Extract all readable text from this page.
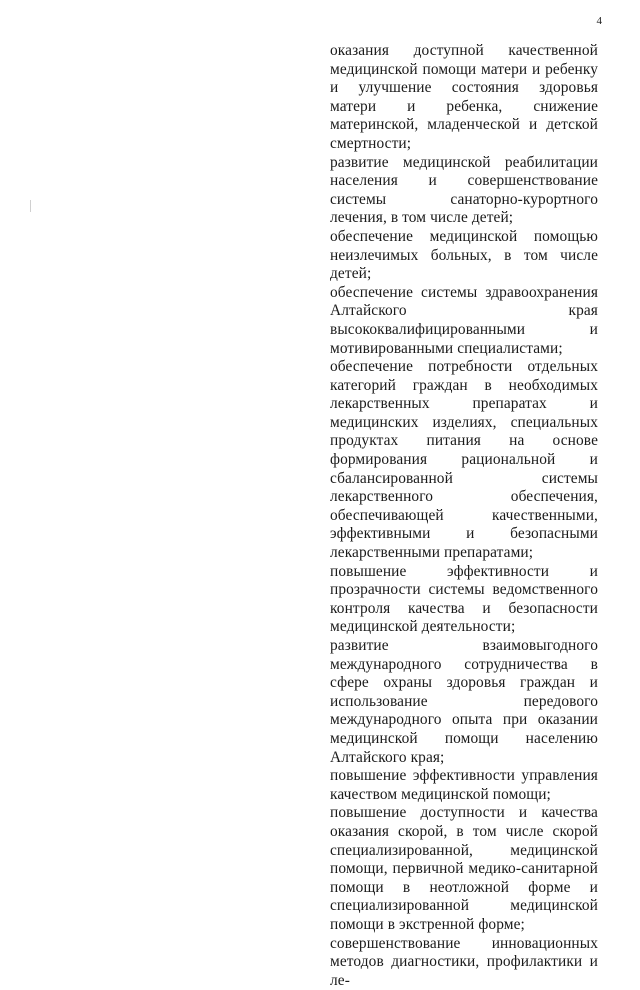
4

оказания доступной качественной медицинской помощи матери и ребенку и улучшение состояния здоровья матери и ребенка, снижение материнской, младенческой и детской смертности;

развитие медицинской реабилитации населения и совершенствование системы санаторно-курортного лечения, в том числе детей;

обеспечение медицинской помощью неизлечимых больных, в том числе детей;

обеспечение системы здравоохранения Алтайского края высококвалифицированными и мотивированными специалистами;

обеспечение потребности отдельных категорий граждан в необходимых лекарственных препаратах и медицинских изделиях, специальных продуктах питания на основе формирования рациональной и сбалансированной системы лекарственного обеспечения, обеспечивающей качественными, эффективными и безопасными лекарственными препаратами;

повышение эффективности и прозрачности системы ведомственного контроля качества и безопасности медицинской деятельности;

развитие взаимовыгодного международного сотрудничества в сфере охраны здоровья граждан и использование передового международного опыта при оказании медицинской помощи населению Алтайского края;

повышение эффективности управления качеством медицинской помощи;

повышение доступности и качества оказания скорой, в том числе скорой специализированной, медицинской помощи, первичной медико-санитарной помощи в неотложной форме и специализированной медицинской помощи в экстренной форме;

совершенствование инновационных методов диагностики, профилактики и ле-
